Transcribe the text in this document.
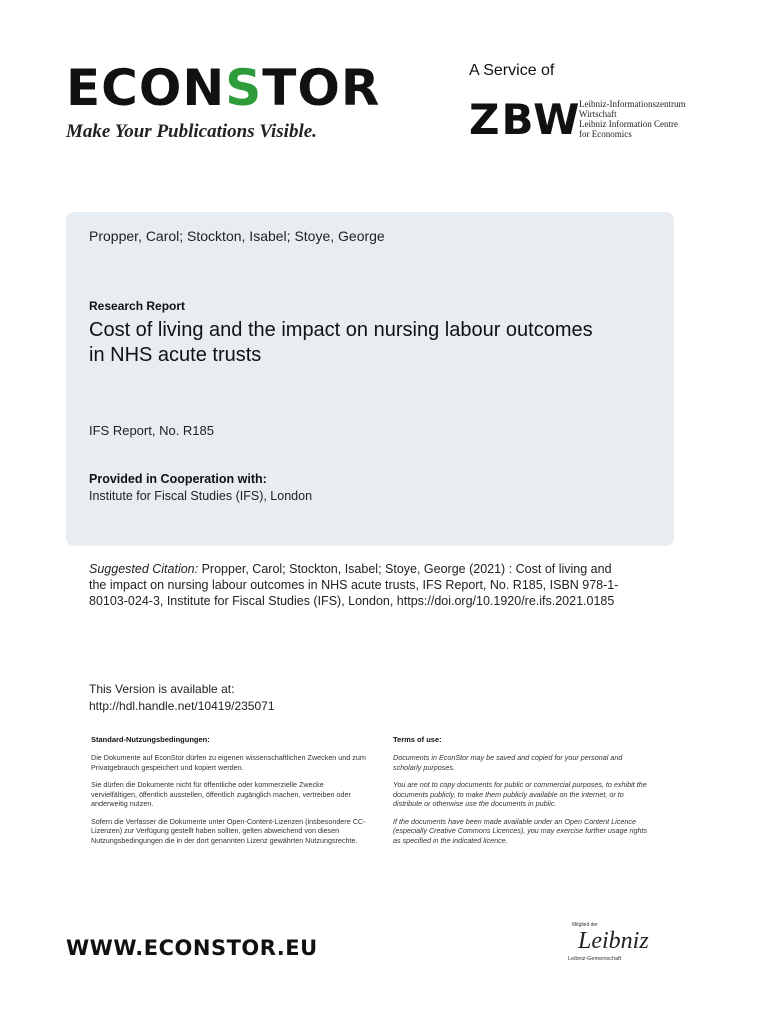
ECONSTOR
Make Your Publications Visible.
A Service of
ZBW
Leibniz-Informationszentrum
Wirtschaft
Leibniz Information Centre
for Economics
Propper, Carol; Stockton, Isabel; Stoye, George
Research Report
Cost of living and the impact on nursing labour outcomes in NHS acute trusts
IFS Report, No. R185
Provided in Cooperation with:
Institute for Fiscal Studies (IFS), London
Suggested Citation: Propper, Carol; Stockton, Isabel; Stoye, George (2021) : Cost of living and the impact on nursing labour outcomes in NHS acute trusts, IFS Report, No. R185, ISBN 978-1-80103-024-3, Institute for Fiscal Studies (IFS), London, https://doi.org/10.1920/re.ifs.2021.0185
This Version is available at:
http://hdl.handle.net/10419/235071
Standard-Nutzungsbedingungen:

Die Dokumente auf EconStor dürfen zu eigenen wissenschaftlichen Zwecken und zum Privatgebrauch gespeichert und kopiert werden.

Sie dürfen die Dokumente nicht für öffentliche oder kommerzielle Zwecke vervielfältigen, öffentlich ausstellen, öffentlich zugänglich machen, vertreiben oder anderweitig nutzen.

Sofern die Verfasser die Dokumente unter Open-Content-Lizenzen (insbesondere CC-Lizenzen) zur Verfügung gestellt haben sollten, gelten abweichend von diesen Nutzungsbedingungen die in der dort genannten Lizenz gewährten Nutzungsrechte.

Terms of use:

Documents in EconStor may be saved and copied for your personal and scholarly purposes.

You are not to copy documents for public or commercial purposes, to exhibit the documents publicly, to make them publicly available on the internet, or to distribute or otherwise use the documents in public.

If the documents have been made available under an Open Content Licence (especially Creative Commons Licences), you may exercise further usage rights as specified in the indicated licence.

WWW.ECONSTOR.EU
Mitglied der
Leibniz
Leibniz-Gemeinschaft
